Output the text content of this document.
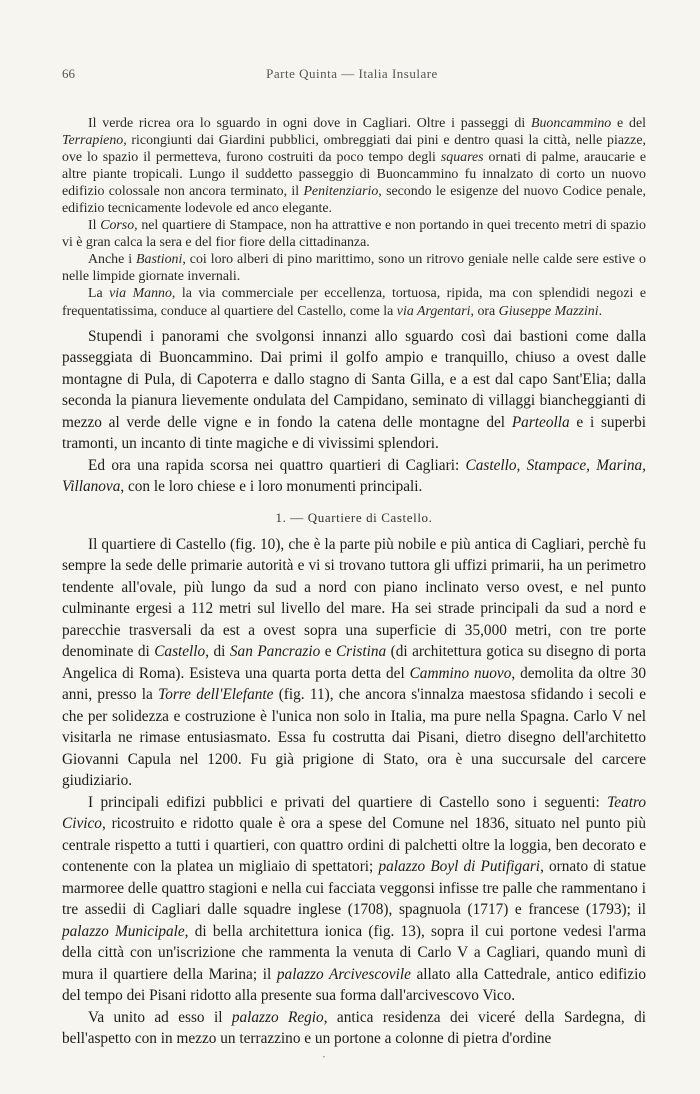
66	Parte Quinta — Italia Insulare

Il verde ricrea ora lo sguardo in ogni dove in Cagliari. Oltre i passeggi di Buoncammino e del Terrapieno, ricongiunti dai Giardini pubblici, ombreggiati dai pini e dentro quasi la città, nelle piazze, ove lo spazio il permetteva, furono costruiti da poco tempo degli squares ornati di palme, araucarie e altre piante tropicali. Lungo il suddetto passeggio di Buoncammino fu innalzato di corto un nuovo edifizio colossale non ancora terminato, il Penitenziario, secondo le esigenze del nuovo Codice penale, edifizio tecnicamente lodevole ed anco elegante.

Il Corso, nel quartiere di Stampace, non ha attrattive e non portando in quei trecento metri di spazio vi è gran calca la sera e del fior fiore della cittadinanza.

Anche i Bastioni, coi loro alberi di pino marittimo, sono un ritrovo geniale nelle calde sere estive o nelle limpide giornate invernali.

La via Manno, la via commerciale per eccellenza, tortuosa, ripida, ma con splendidi negozi e frequentatissima, conduce al quartiere del Castello, come la via Argentari, ora Giuseppe Mazzini.

Stupendi i panorami che svolgonsi innanzi allo sguardo così dai bastioni come dalla passeggiata di Buoncammino. Dai primi il golfo ampio e tranquillo, chiuso a ovest dalle montagne di Pula, di Capoterra e dallo stagno di Santa Gilla, e a est dal capo Sant'Elia; dalla seconda la pianura lievemente ondulata del Campidano, seminato di villaggi biancheggianti di mezzo al verde delle vigne e in fondo la catena delle montagne del Parteolla e i superbi tramonti, un incanto di tinte magiche e di vivissimi splendori.

Ed ora una rapida scorsa nei quattro quartieri di Cagliari: Castello, Stampace, Marina, Villanova, con le loro chiese e i loro monumenti principali.

1. — Quartiere di Castello.

Il quartiere di Castello (fig. 10), che è la parte più nobile e più antica di Cagliari, perchè fu sempre la sede delle primarie autorità e vi si trovano tuttora gli uffizi primarii, ha un perimetro tendente all'ovale, più lungo da sud a nord con piano inclinato verso ovest, e nel punto culminante ergesi a 112 metri sul livello del mare. Ha sei strade principali da sud a nord e parecchie trasversali da est a ovest sopra una superficie di 35,000 metri, con tre porte denominate di Castello, di San Pancrazio e Cristina (di architettura gotica su disegno di porta Angelica di Roma). Esisteva una quarta porta detta del Cammino nuovo, demolita da oltre 30 anni, presso la Torre dell'Elefante (fig. 11), che ancora s'innalza maestosa sfidando i secoli e che per solidezza e costruzione è l'unica non solo in Italia, ma pure nella Spagna. Carlo V nel visitarla ne rimase entusiasmato. Essa fu costrutta dai Pisani, dietro disegno dell'architetto Giovanni Capula nel 1200. Fu già prigione di Stato, ora è una succursale del carcere giudiziario.

I principali edifizi pubblici e privati del quartiere di Castello sono i seguenti: Teatro Civico, ricostruito e ridotto quale è ora a spese del Comune nel 1836, situato nel punto più centrale rispetto a tutti i quartieri, con quattro ordini di palchetti oltre la loggia, ben decorato e contenente con la platea un migliaio di spettatori; palazzo Boyl di Putifigari, ornato di statue marmoree delle quattro stagioni e nella cui facciata veggonsi infisse tre palle che rammentano i tre assedii di Cagliari dalle squadre inglese (1708), spagnuola (1717) e francese (1793); il palazzo Municipale, di bella architettura ionica (fig. 13), sopra il cui portone vedesi l'arma della città con un'iscrizione che rammenta la venuta di Carlo V a Cagliari, quando munì di mura il quartiere della Marina; il palazzo Arcivescovile allato alla Cattedrale, antico edifizio del tempo dei Pisani ridotto alla presente sua forma dall'arcivescovo Vico.

Va unito ad esso il palazzo Regio, antica residenza dei viceré della Sardegna, di bell'aspetto con in mezzo un terrazzino e un portone a colonne di pietra d'ordine

·
